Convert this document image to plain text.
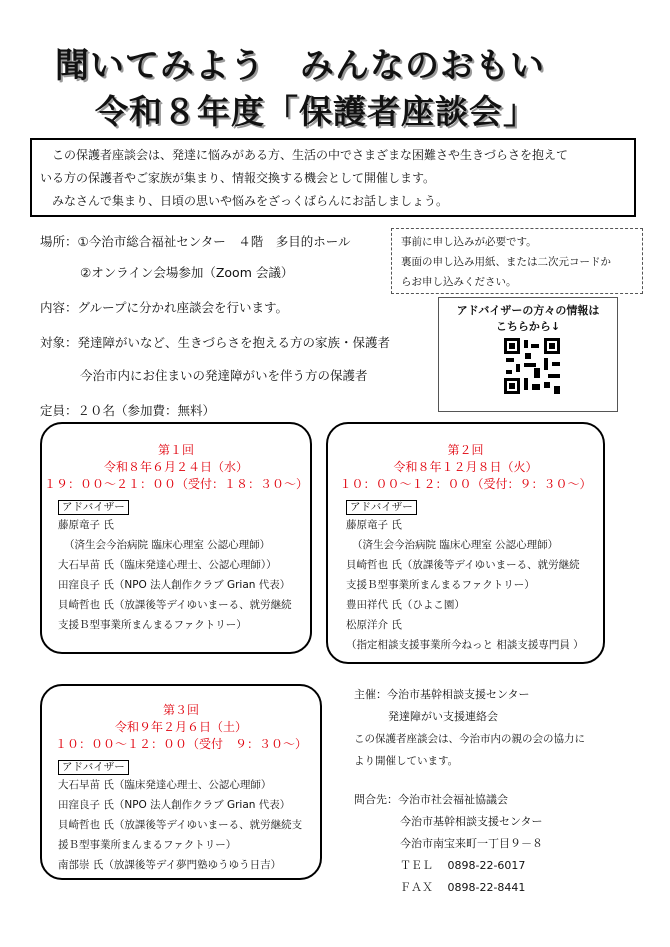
聞いてみよう　みんなのおもい
令和８年度「保護者座談会」

　この保護者座談会は、発達に悩みがある方、生活の中でさまざまな困難さや生きづらさを抱えて

いる方の保護者やご家族が集まり、情報交換する機会として開催します。

　みなさんで集まり、日頃の思いや悩みをざっくばらんにお話しましょう。

場所：①今治市総合福祉センター　４階　多目的ホール
②オンライン会場参加（Zoom 会議）
内容：グループに分かれ座談会を行います。
対象：発達障がいなど、生きづらさを抱える方の家族・保護者
今治市内にお住まいの発達障がいを伴う方の保護者
定員：２０名（参加費：無料）
事前に申し込みが必要です。
裏面の申し込み用紙、または二次元コードか
らお申し込みください。
アドバイザーの方々の情報は
こちらから↓
第１回
令和８年６月２４日（水）
１９：００～２１：００（受付：１８：３０～）
アドバイザー
藤原竜子 氏
（済生会今治病院 臨床心理室 公認心理師）
大石早苗 氏（臨床発達心理士、公認心理師））
田窪良子 氏（NPO 法人創作クラブ Grian 代表）
貝崎哲也 氏（放課後等デイゆいまーる、就労継続
支援Ｂ型事業所まんまるファクトリー）
第２回
令和８年１２月８日（火）
１０：００～１２：００（受付：９：３０～）
アドバイザー
藤原竜子 氏
（済生会今治病院 臨床心理室 公認心理師）
貝崎哲也 氏（放課後等デイゆいまーる、就労継続
支援Ｂ型事業所まんまるファクトリー）
豊田祥代 氏（ひよこ園）
松原洋介 氏
（指定相談支援事業所今ねっと 相談支援専門員 ）
第３回
令和９年２月６日（土）
１０：００～１２：００（受付　９：３０～）
アドバイザー
大石早苗 氏（臨床発達心理士、公認心理師）
田窪良子 氏（NPO 法人創作クラブ Grian 代表）
貝崎哲也 氏（放課後等デイゆいまーる、就労継続支
援Ｂ型事業所まんまるファクトリー）
南部崇 氏（放課後等デイ夢門塾ゆうゆう日吉）
主催：今治市基幹相談支援センター
発達障がい支援連絡会
この保護者座談会は、今治市内の親の会の協力に
より開催しています。
問合先：今治市社会福祉協議会
今治市基幹相談支援センター
今治市南宝来町一丁目９－８
ＴＥＬ　 0898-22-6017
ＦＡＸ　 0898-22-8441
